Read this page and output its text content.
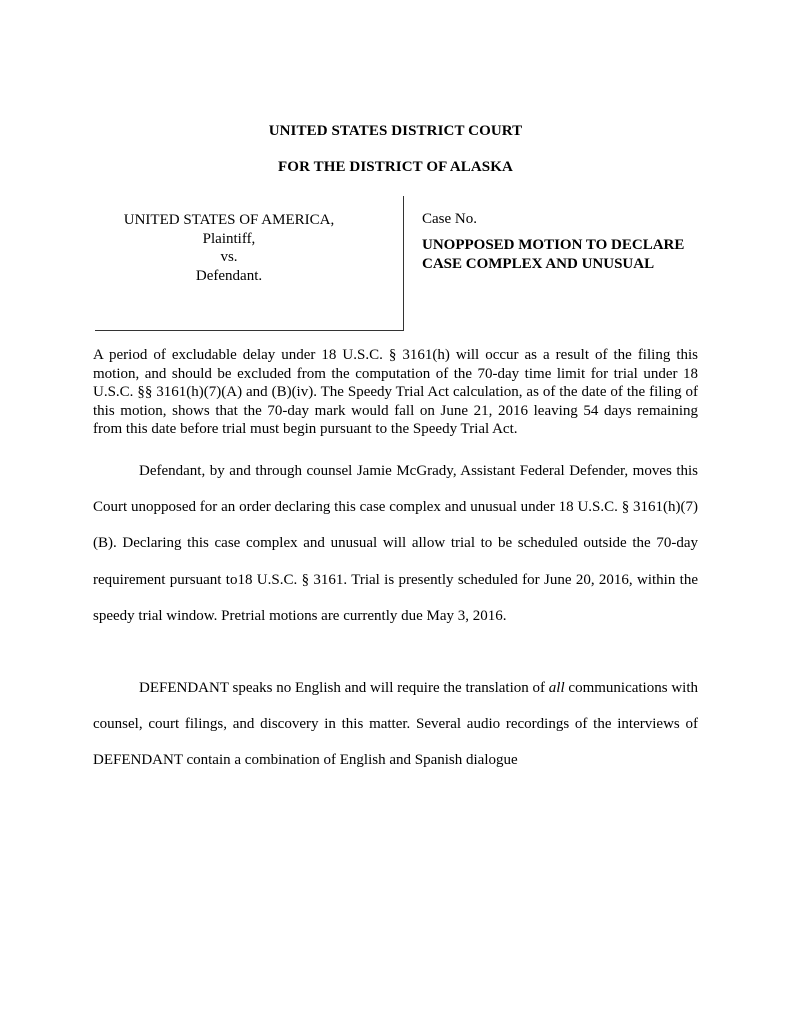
UNITED STATES DISTRICT COURT
FOR THE DISTRICT OF ALASKA
UNITED STATES OF AMERICA,
Plaintiff,
vs.
Defendant.
Case No.
UNOPPOSED MOTION TO DECLARE
CASE COMPLEX AND UNUSUAL
A period of excludable delay under 18 U.S.C. § 3161(h) will occur as a result of the filing this motion, and should be excluded from the computation of the 70-day time limit for trial under 18 U.S.C. §§ 3161(h)(7)(A) and (B)(iv). The Speedy Trial Act calculation, as of the date of the filing of this motion, shows that the 70-day mark would fall on June 21, 2016 leaving 54 days remaining from this date before trial must begin pursuant to the Speedy Trial Act.
Defendant, by and through counsel Jamie McGrady, Assistant Federal Defender, moves this Court unopposed for an order declaring this case complex and unusual under 18 U.S.C. § 3161(h)(7)(B). Declaring this case complex and unusual will allow trial to be scheduled outside the 70-day requirement pursuant to18 U.S.C. § 3161. Trial is presently scheduled for June 20, 2016, within the speedy trial window. Pretrial motions are currently due May 3, 2016.
DEFENDANT speaks no English and will require the translation of all communications with counsel, court filings, and discovery in this matter. Several audio recordings of the interviews of DEFENDANT contain a combination of English and Spanish dialogue
